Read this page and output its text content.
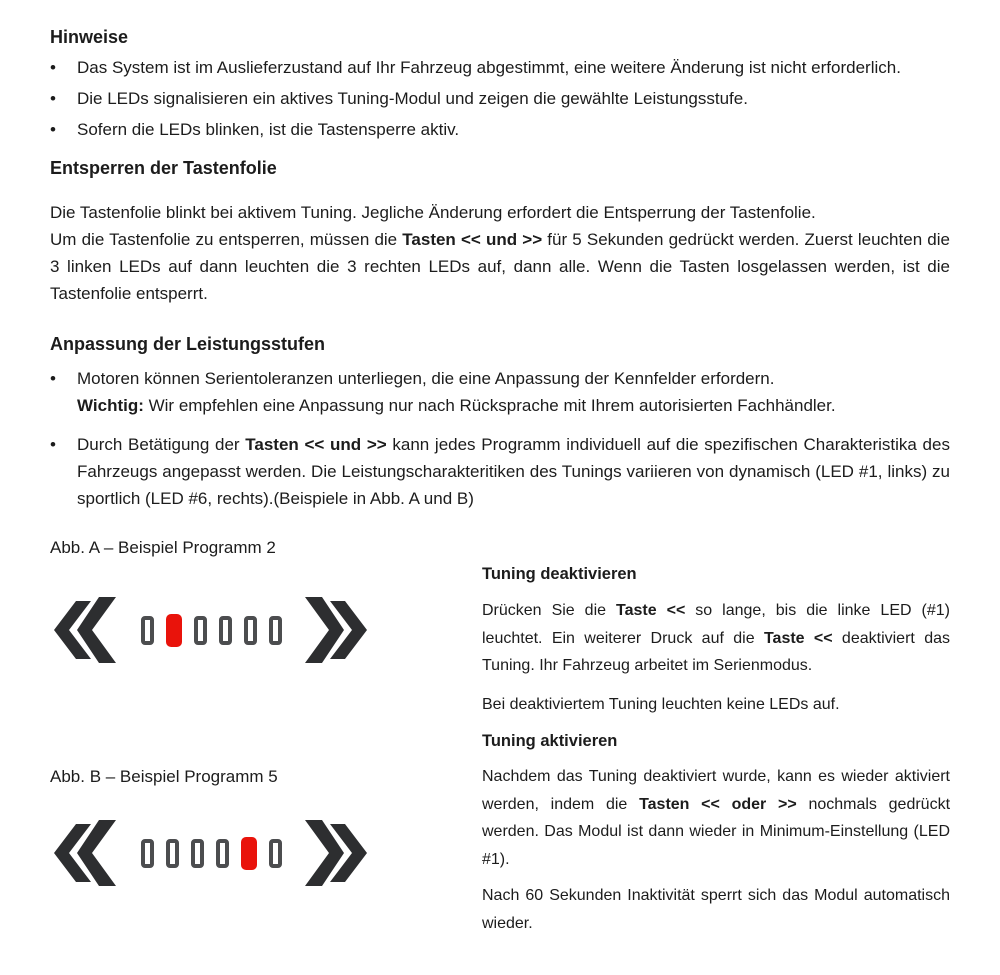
Hinweise
•	Das System ist im Auslieferzustand auf Ihr Fahrzeug abgestimmt, eine weitere Änderung ist nicht erforderlich.

•	Die LEDs signalisieren ein aktives Tuning-Modul und zeigen die gewählte Leistungsstufe.

•	Sofern die LEDs blinken, ist die Tastensperre aktiv.

Entsperren der Tastenfolie

Die Tastenfolie blinkt bei aktivem Tuning. Jegliche Änderung erfordert die Entsperrung der Tastenfolie.

Um die Tastenfolie zu entsperren, müssen die Tasten << und >> für 5 Sekunden gedrückt werden. Zuerst leuchten die 3 linken LEDs auf dann leuchten die 3 rechten LEDs auf, dann alle. Wenn die Tasten losgelassen werden, ist die Tastenfolie entsperrt.

Anpassung der Leistungsstufen
•	Motoren können Serientoleranzen unterliegen, die eine Anpassung der Kennfelder erfordern.

Wichtig: Wir empfehlen eine Anpassung nur nach Rücksprache mit Ihrem autorisierten Fachhändler.

•	Durch Betätigung der Tasten << und >> kann jedes Programm individuell auf die spezifischen Charakteristika des Fahrzeugs angepasst werden. Die Leistungscharakteritiken des Tunings variieren von dynamisch (LED #1, links) zu sportlich (LED #6, rechts).(Beispiele in Abb. A und B)

Abb. A – Beispiel Programm 2

Abb. B – Beispiel Programm 5

Tuning deaktivieren

Drücken Sie die Taste << so lange, bis die linke LED (#1) leuchtet. Ein weiterer Druck auf die Taste << deaktiviert das Tuning. Ihr Fahrzeug arbeitet im Serienmodus.

Bei deaktiviertem Tuning leuchten keine LEDs auf.

Tuning aktivieren

Nachdem das Tuning deaktiviert wurde, kann es wieder aktiviert werden, indem die Tasten << oder >> nochmals gedrückt werden. Das Modul ist dann wieder in Minimum-Einstellung (LED #1).

Nach 60 Sekunden Inaktivität sperrt sich das Modul automatisch wieder.
